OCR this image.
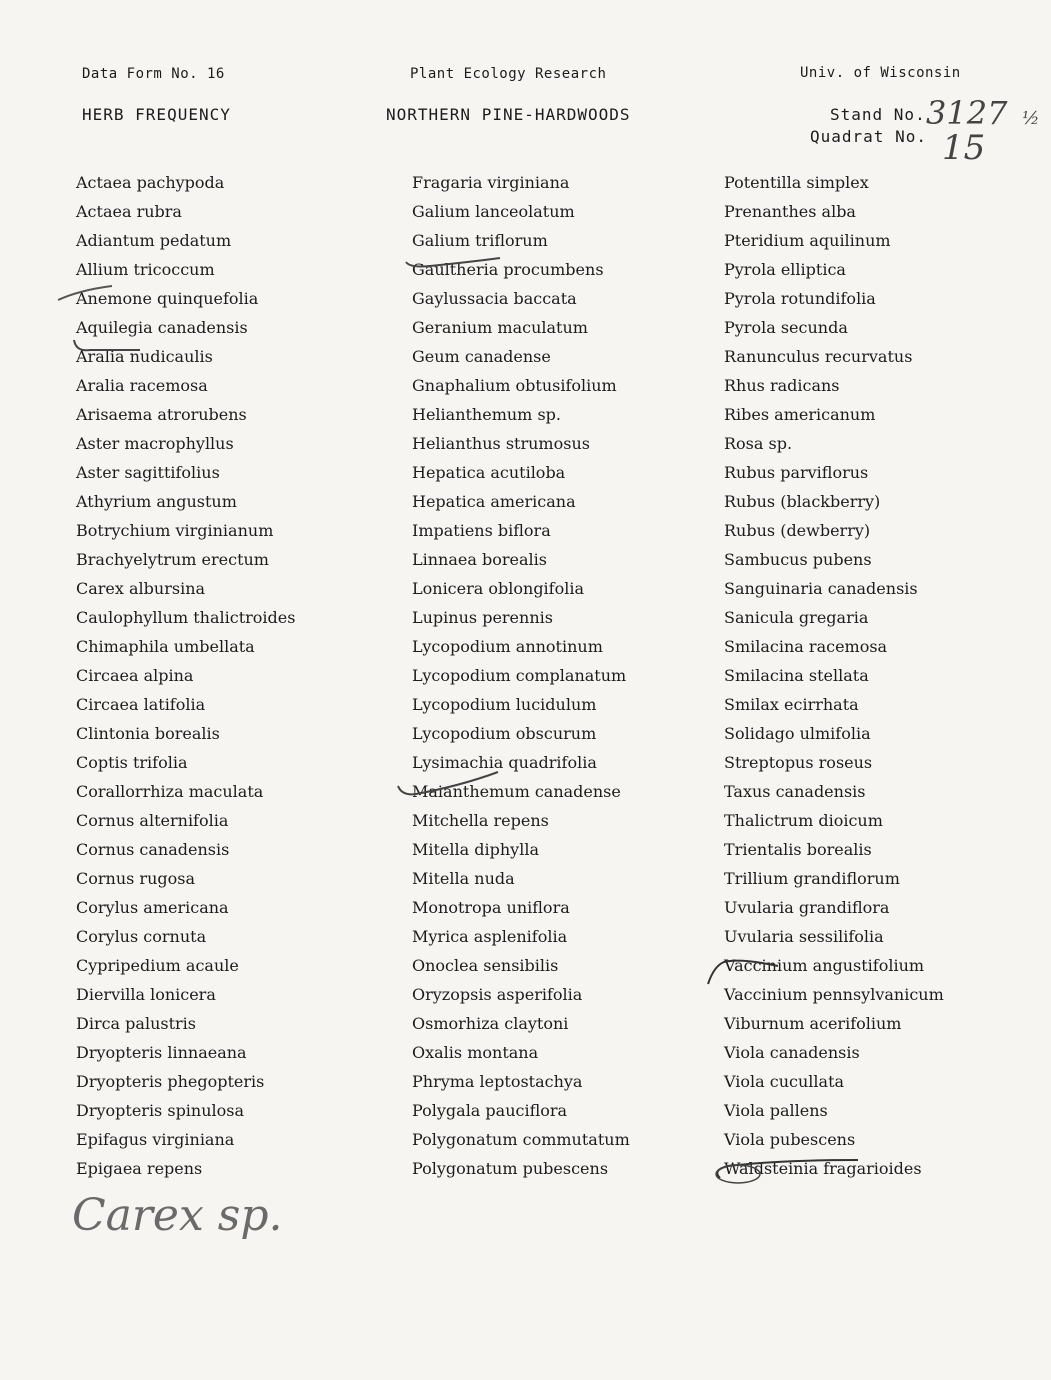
Data Form No. 16	Plant Ecology Research	Univ. of Wisconsin
HERB FREQUENCY	NORTHERN PINE-HARDWOODS	Stand No.
Quadrat No.
3127 ½
15
Actaea pachypoda
Actaea rubra
Adiantum pedatum
Allium tricoccum
Anemone quinquefolia
Aquilegia canadensis
Aralia nudicaulis
Aralia racemosa
Arisaema atrorubens
Aster macrophyllus
Aster sagittifolius
Athyrium angustum
Botrychium virginianum
Brachyelytrum erectum
Carex albursina
Caulophyllum thalictroides
Chimaphila umbellata
Circaea alpina
Circaea latifolia
Clintonia borealis
Coptis trifolia
Corallorrhiza maculata
Cornus alternifolia
Cornus canadensis
Cornus rugosa
Corylus americana
Corylus cornuta
Cypripedium acaule
Diervilla lonicera
Dirca palustris
Dryopteris linnaeana
Dryopteris phegopteris
Dryopteris spinulosa
Epifagus virginiana
Epigaea repens
Fragaria virginiana
Galium lanceolatum
Galium triflorum
Gaultheria procumbens
Gaylussacia baccata
Geranium maculatum
Geum canadense
Gnaphalium obtusifolium
Helianthemum sp.
Helianthus strumosus
Hepatica acutiloba
Hepatica americana
Impatiens biflora
Linnaea borealis
Lonicera oblongifolia
Lupinus perennis
Lycopodium annotinum
Lycopodium complanatum
Lycopodium lucidulum
Lycopodium obscurum
Lysimachia quadrifolia
Maianthemum canadense
Mitchella repens
Mitella diphylla
Mitella nuda
Monotropa uniflora
Myrica asplenifolia
Onoclea sensibilis
Oryzopsis asperifolia
Osmorhiza claytoni
Oxalis montana
Phryma leptostachya
Polygala pauciflora
Polygonatum commutatum
Polygonatum pubescens
Potentilla simplex
Prenanthes alba
Pteridium aquilinum
Pyrola elliptica
Pyrola rotundifolia
Pyrola secunda
Ranunculus recurvatus
Rhus radicans
Ribes americanum
Rosa sp.
Rubus parviflorus
Rubus (blackberry)
Rubus (dewberry)
Sambucus pubens
Sanguinaria canadensis
Sanicula gregaria
Smilacina racemosa
Smilacina stellata
Smilax ecirrhata
Solidago ulmifolia
Streptopus roseus
Taxus canadensis
Thalictrum dioicum
Trientalis borealis
Trillium grandiflorum
Uvularia grandiflora
Uvularia sessilifolia
Vaccinium angustifolium
Vaccinium pennsylvanicum
Viburnum acerifolium
Viola canadensis
Viola cucullata
Viola pallens
Viola pubescens
Waldsteinia fragarioides
Carex sp.
